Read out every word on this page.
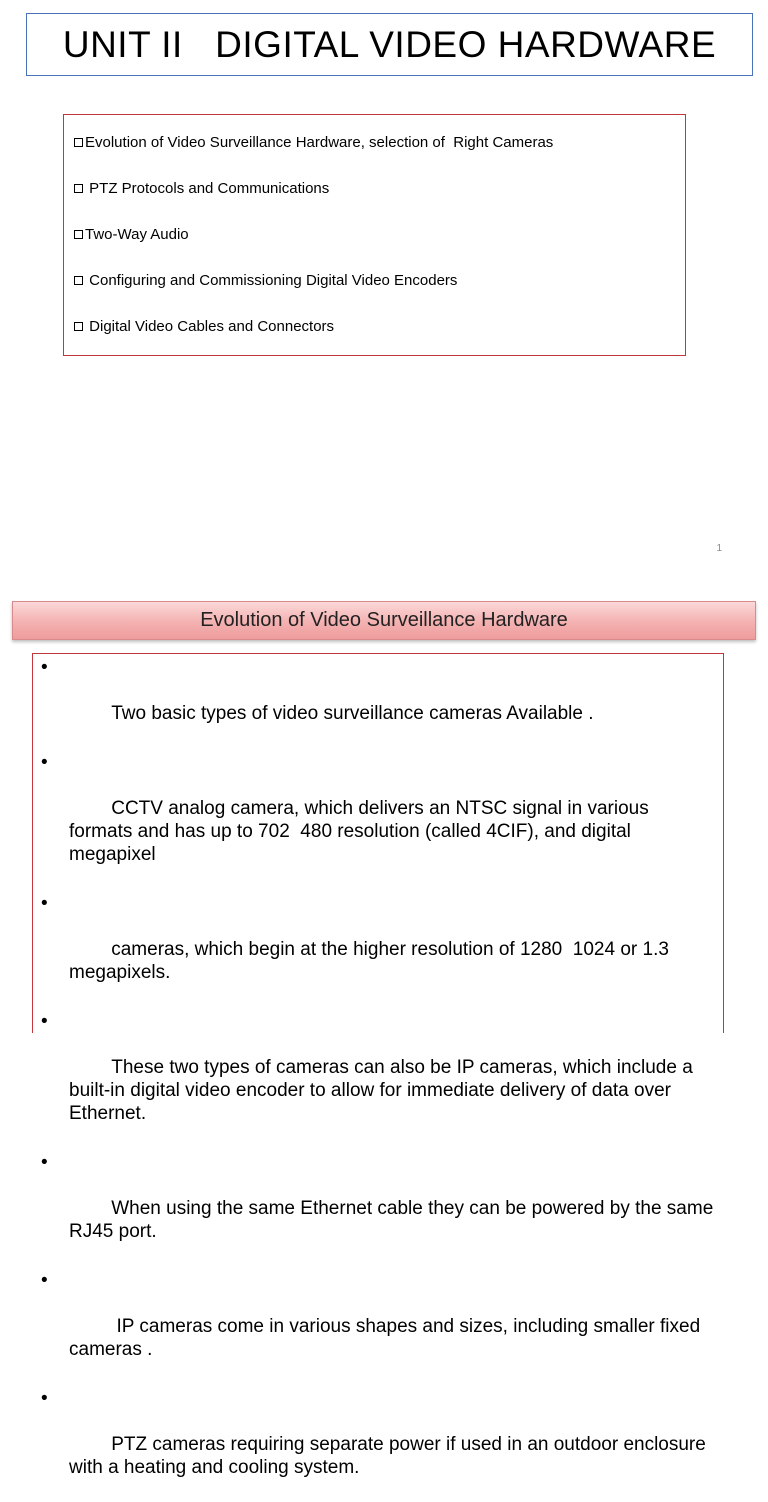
UNIT II   DIGITAL VIDEO HARDWARE
Evolution of Video Surveillance Hardware, selection of  Right Cameras
PTZ Protocols and Communications
Two-Way Audio
Configuring and Commissioning Digital Video Encoders
Digital Video Cables and Connectors
1
Evolution of Video Surveillance Hardware

•

Two basic types of video surveillance cameras Available .

•

CCTV analog camera, which delivers an NTSC signal in various formats and has up to 702  480 resolution (called 4CIF), and digital megapixel

•

cameras, which begin at the higher resolution of 1280  1024 or 1.3 megapixels.

•

These two types of cameras can also be IP cameras, which include a built-in digital video encoder to allow for immediate delivery of data over Ethernet.

•

When using the same Ethernet cable they can be powered by the same RJ45 port.

•

IP cameras come in various shapes and sizes, including smaller fixed cameras .

•

PTZ cameras requiring separate power if used in an outdoor enclosure with a heating and cooling system.
